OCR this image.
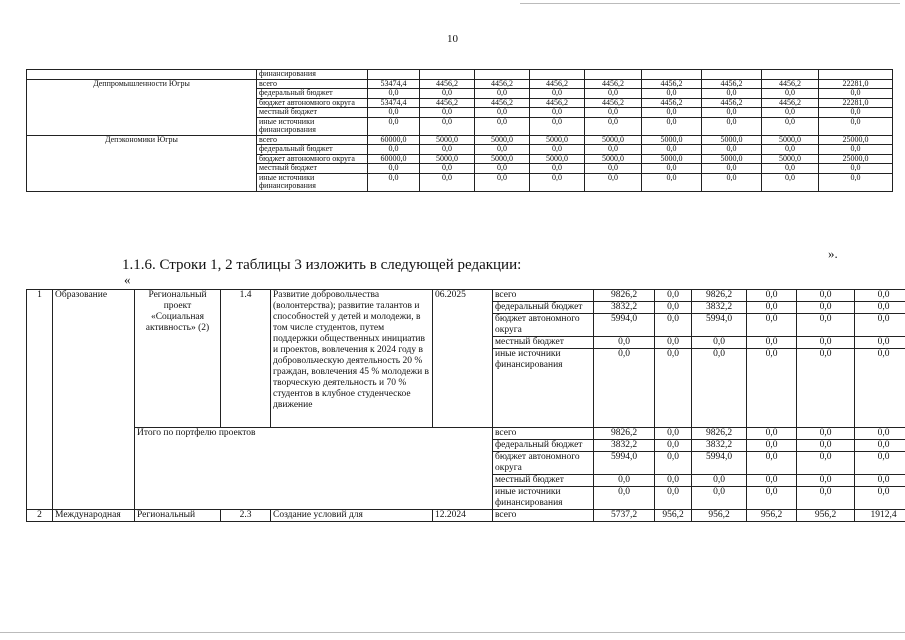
10
	финансирования									
Деппромышленности Югры	всего	53474,4	4456,2	4456,2	4456,2	4456,2	4456,2	4456,2	4456,2	22281,0
	федеральный бюджет	0,0	0,0	0,0	0,0	0,0	0,0	0,0	0,0	0,0
	бюджет автономного округа	53474,4	4456,2	4456,2	4456,2	4456,2	4456,2	4456,2	4456,2	22281,0
	местный бюджет	0,0	0,0	0,0	0,0	0,0	0,0	0,0	0,0	0,0
	иные источники финансирования	0,0	0,0	0,0	0,0	0,0	0,0	0,0	0,0	0,0
Депэкономики Югры	всего	60000,0	5000,0	5000,0	5000,0	5000,0	5000,0	5000,0	5000,0	25000,0
	федеральный бюджет	0,0	0,0	0,0	0,0	0,0	0,0	0,0	0,0	0,0
	бюджет автономного округа	60000,0	5000,0	5000,0	5000,0	5000,0	5000,0	5000,0	5000,0	25000,0
	местный бюджет	0,0	0,0	0,0	0,0	0,0	0,0	0,0	0,0	0,0
	иные источники финансирования	0,0	0,0	0,0	0,0	0,0	0,0	0,0	0,0	0,0
».
1.1.6. Строки 1, 2 таблицы 3 изложить в следующей редакции:
«
1	Образование	Региональный проект «Социальная активность» (2)	1.4	Развитие добровольчества (волонтерства); развитие талантов и способностей у детей и молодежи, в том числе студентов, путем поддержки общественных инициатив и проектов, вовлечения к 2024 году в добровольческую деятельность 20 % граждан, вовлечения 45 % молодежи в творческую деятельность и 70 % студентов в клубное студенческое движение	06.2025	всего	9826,2	0,0	9826,2	0,0	0,0	0,0
						федеральный бюджет	3832,2	0,0	3832,2	0,0	0,0	0,0
						бюджет автономного округа	5994,0	0,0	5994,0	0,0	0,0	0,0
						местный бюджет	0,0	0,0	0,0	0,0	0,0	0,0
						иные источники финансирования	0,0	0,0	0,0	0,0	0,0	0,0
		Итого по портфелю проектов				всего	9826,2	0,0	9826,2	0,0	0,0	0,0
						федеральный бюджет	3832,2	0,0	3832,2	0,0	0,0	0,0
						бюджет автономного округа	5994,0	0,0	5994,0	0,0	0,0	0,0
						местный бюджет	0,0	0,0	0,0	0,0	0,0	0,0
						иные источники финансирования	0,0	0,0	0,0	0,0	0,0	0,0
2	Международная	Региональный	2.3	Создание условий для	12.2024	всего	5737,2	956,2	956,2	956,2	956,2	1912,4
